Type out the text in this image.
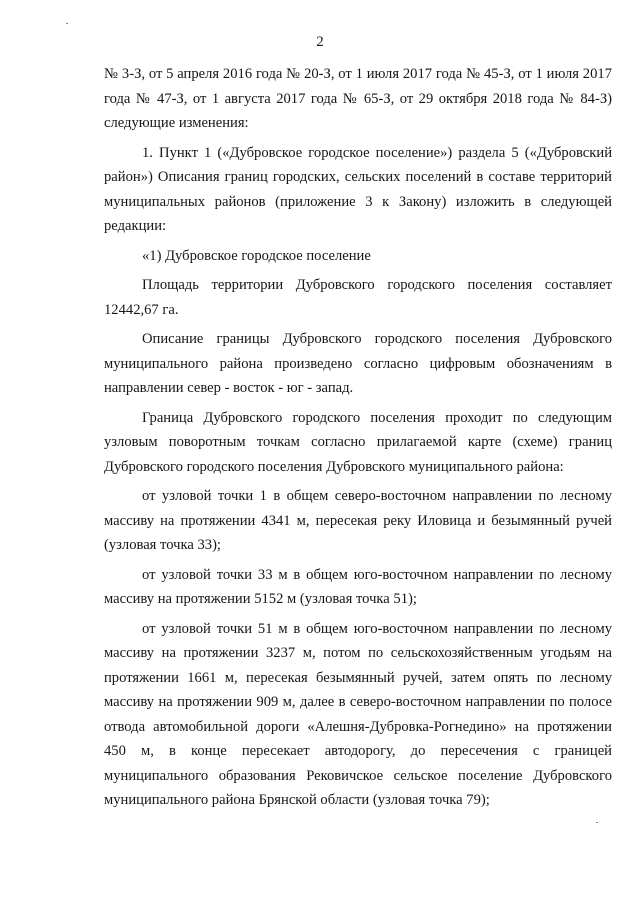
2

№ 3-З, от 5 апреля 2016 года № 20-З, от 1 июля 2017 года № 45-З, от 1 июля 2017 года № 47-З, от 1 августа 2017 года № 65-З, от 29 октября 2018 года № 84-З) следующие изменения:

1. Пункт 1 («Дубровское городское поселение») раздела 5 («Дубровский район») Описания границ городских, сельских поселений в составе территорий муниципальных районов (приложение 3 к Закону) изложить в следующей редакции:

«1) Дубровское городское поселение

Площадь территории Дубровского городского поселения составляет 12442,67 га.

Описание границы Дубровского городского поселения Дубровского муниципального района произведено согласно цифровым обозначениям в направлении север - восток - юг - запад.

Граница Дубровского городского поселения проходит по следующим узловым поворотным точкам согласно прилагаемой карте (схеме) границ Дубровского городского поселения Дубровского муниципального района:

от узловой точки 1 в общем северо-восточном направлении по лесному массиву на протяжении 4341 м, пересекая реку Иловица и безымянный ручей (узловая точка 33);

от узловой точки 33 м в общем юго-восточном направлении по лесному массиву на протяжении 5152 м (узловая точка 51);

от узловой точки 51 м в общем юго-восточном направлении по лесному массиву на протяжении 3237 м, потом по сельскохозяйственным угодьям на протяжении 1661 м, пересекая безымянный ручей, затем опять по лесному массиву на протяжении 909 м, далее в северо-восточном направлении по полосе отвода автомобильной дороги «Алешня-Дубровка-Рогнедино» на протяжении 450 м, в конце пересекает автодорогу, до пересечения с границей муниципального образования Рековичское сельское поселение Дубровского муниципального района Брянской области (узловая точка 79);
